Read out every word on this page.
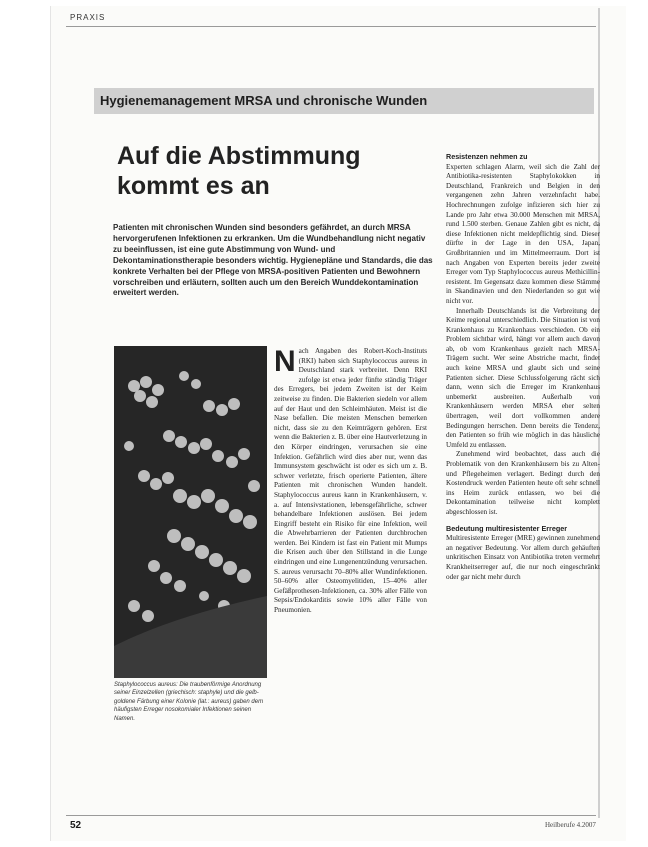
PRAXIS
Hygienemanagement MRSA und chronische Wunden
Auf die Abstimmung
kommt es an
Patienten mit chronischen Wunden sind besonders gefährdet, an durch MRSA hervorgerufenen Infektionen zu erkranken. Um die Wundbehandlung nicht negativ zu beeinflussen, ist eine gute Abstimmung von Wund- und Dekontaminationstherapie besonders wichtig. Hygienepläne und Standards, die das konkrete Verhalten bei der Pflege von MRSA-positiven Patienten und Bewohnern vorschreiben und erläutern, sollten auch um den Bereich Wunddekontamination erweitert werden.
Staphylococcus aureus: Die traubenförmige Anordnung seiner Einzelzellen (griechisch: staphyle) und die gelb-goldene Färbung einer Kolonie (lat.: aureus) gaben dem häufigsten Erreger nosokomialer Infektionen seinen Namen.
N ach Angaben des Robert-Koch-Instituts (RKI) haben sich Staphylococcus aureus in Deutschland stark verbreitet. Denn RKI zufolge ist etwa jeder fünfte ständig Träger des Erregers, bei jedem Zweiten ist der Keim zeitweise zu finden. Die Bakterien siedeln vor allem auf der Haut und den Schleimhäuten. Meist ist die Nase befallen. Die meisten Menschen bemerken nicht, dass sie zu den Keimträgern gehören. Erst wenn die Bakterien z. B. über eine Hautverletzung in den Körper eindringen, verursachen sie eine Infektion. Gefährlich wird dies aber nur, wenn das Immunsystem geschwächt ist oder es sich um z. B. schwer verletzte, frisch operierte Patienten, ältere Patienten mit chronischen Wunden handelt. Staphylococcus aureus kann in Krankenhäusern, v. a. auf Intensivstationen, lebensgefährliche, schwer behandelbare Infektionen auslösen. Bei jedem Eingriff besteht ein Risiko für eine Infektion, weil die Abwehrbarrieren der Patienten durchbrochen werden. Bei Kindern ist fast ein Patient mit Mumps die Krisen auch über den Stillstand in die Lunge eindringen und eine Lungenentzündung verursachen. S. aureus verursacht 70–80% aller Wundinfektionen. 50–60% aller Osteomyelitiden, 15–40% aller Gefäßprothesen-Infektionen, ca. 30% aller Fälle von Sepsis/Endokarditis sowie 10% aller Fälle von Pneumonien.
Resistenzen nehmen zu

Experten schlagen Alarm, weil sich die Zahl der Antibiotika-resistenten Staphylokokken in Deutschland, Frankreich und Belgien in den vergangenen zehn Jahren verzehnfacht habe. Hochrechnungen zufolge infizieren sich hier zu Lande pro Jahr etwa 30.000 Menschen mit MRSA, rund 1.500 sterben. Genaue Zahlen gibt es nicht, da diese Infektionen nicht meldepflichtig sind. Dieser dürfte in der Lage in den USA, Japan, Großbritannien und im Mittelmeerraum. Dort ist nach Angaben von Experten bereits jeder zweite Erreger vom Typ Staphylococcus aureus Methicillin-resistent. Im Gegensatz dazu kommen diese Stämme in Skandinavien und den Niederlanden so gut wie nicht vor.

Innerhalb Deutschlands ist die Verbreitung der Keime regional unterschiedlich. Die Situation ist von Krankenhaus zu Krankenhaus verschieden. Ob ein Problem sichtbar wird, hängt vor allem auch davon ab, ob vom Krankenhaus gezielt nach MRSA-Trägern sucht. Wer seine Abstriche macht, findet auch keine MRSA und glaubt sich und seine Patienten sicher. Diese Schlussfolgerung rächt sich dann, wenn sich die Erreger im Krankenhaus unbemerkt ausbreiten. Außerhalb von Krankenhäusern werden MRSA eher selten übertragen, weil dort vollkommen andere Bedingungen herrschen. Denn bereits die Tendenz, den Patienten so früh wie möglich in das häusliche Umfeld zu entlassen.

Zunehmend wird beobachtet, dass auch die Problematik von den Krankenhäusern bis zu Alten- und Pflegeheimen verlagert. Bedingt durch den Kostendruck werden Patienten heute oft sehr schnell ins Heim zurück entlassen, wo bei die Dekontamination teilweise nicht komplett abgeschlossen ist.

Bedeutung multiresistenter Erreger

Multiresistente Erreger (MRE) gewinnen zunehmend an negativer Bedeutung. Vor allem durch gehäuften unkritischen Einsatz von Antibiotika treten vermehrt Krankheitserreger auf, die nur noch eingeschränkt oder gar nicht mehr durch

52	Heilberufe 4.2007
